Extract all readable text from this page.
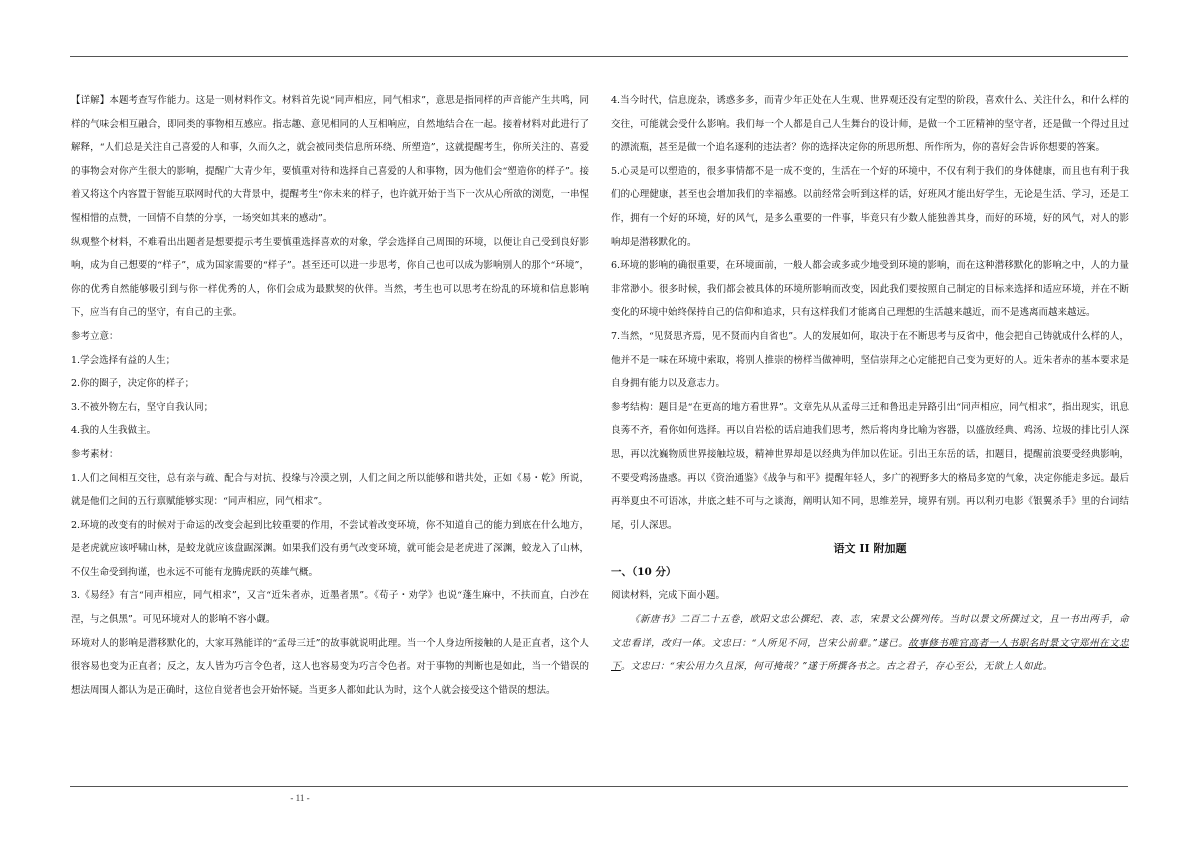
【详解】本题考查写作能力。这是一则材料作文。材料首先说“同声相应，同气相求”，意思是指同样的声音能产生共鸣，同样的气味会相互融合，即同类的事物相互感应。指志趣、意见相同的人互相响应，自然地结合在一起。接着材料对此进行了解释，“人们总是关注自己喜爱的人和事，久而久之，就会被同类信息所环绕、所塑造”，这就提醒考生，你所关注的、喜爱的事物会对你产生很大的影响，提醒广大青少年，要慎重对待和选择自己喜爱的人和事物，因为他们会“塑造你的样子”。接着又将这个内容置于智能互联网时代的大背景中，提醒考生“你未来的样子，也许就开始于当下一次从心所欲的浏览，一串惺惺相惜的点赞，一回情不自禁的分享，一场突如其来的感动”。

纵观整个材料，不难看出出题者是想要提示考生要慎重选择喜欢的对象，学会选择自己周围的环境，以便让自己受到良好影响，成为自己想要的“样子”，成为国家需要的“样子”。甚至还可以进一步思考，你自己也可以成为影响别人的那个“环境”，你的优秀自然能够吸引到与你一样优秀的人，你们会成为最默契的伙伴。当然，考生也可以思考在纷乱的环境和信息影响下，应当有自己的坚守，有自己的主张。

参考立意：

1.学会选择有益的人生；

2.你的圈子，决定你的样子；

3.不被外物左右，坚守自我认同；

4.我的人生我做主。

参考素材：

1.人们之间相互交往，总有亲与疏、配合与对抗、投缘与冷漠之别，人们之间之所以能够和谐共处，正如《易・乾》所说，就是他们之间的五行禀赋能够实现：“同声相应，同气相求”。

2.环境的改变有的时候对于命运的改变会起到比较重要的作用，不尝试着改变环境，你不知道自己的能力到底在什么地方，是老虎就应该呼啸山林，是蛟龙就应该盘踞深渊。如果我们没有勇气改变环境，就可能会是老虎进了深渊，蛟龙入了山林，不仅生命受到拘谨，也永远不可能有龙腾虎跃的英雄气概。

3.《易经》有言“同声相应，同气相求”，又言“近朱者赤，近墨者黑”。《荀子・劝学》也说“蓬生麻中，不扶而直，白沙在涅，与之俱黑”。可见环境对人的影响不容小觑。

环境对人的影响是潜移默化的，大家耳熟能详的“孟母三迁”的故事就说明此理。当一个人身边所接触的人是正直者，这个人很容易也变为正直者；反之，友人皆为巧言令色者，这人也容易变为巧言令色者。对于事物的判断也是如此，当一个错误的想法周围人都认为是正确时，这位自觉者也会开始怀疑。当更多人都如此认为时，这个人就会接受这个错误的想法。

4.当今时代，信息庞杂，诱惑多多，而青少年正处在人生观、世界观还没有定型的阶段，喜欢什么、关注什么，和什么样的交往，可能就会受什么影响。我们每一个人都是自己人生舞台的设计师，是做一个工匠精神的坚守者，还是做一个得过且过的漂流瓶，甚至是做一个追名逐利的违法者？你的选择决定你的所思所想、所作所为，你的喜好会告诉你想要的答案。

5.心灵是可以塑造的，很多事情都不是一成不变的，生活在一个好的环境中，不仅有利于我们的身体健康，而且也有利于我们的心理健康，甚至也会增加我们的幸福感。以前经常会听到这样的话，好班风才能出好学生，无论是生活、学习，还是工作，拥有一个好的环境，好的风气，是多么重要的一件事，毕竟只有少数人能独善其身，而好的环境，好的风气，对人的影响却是潜移默化的。

6.环境的影响的确很重要，在环境面前，一般人都会或多或少地受到环境的影响，而在这种潜移默化的影响之中，人的力量非常渺小。很多时候，我们都会被具体的环境所影响而改变，因此我们要按照自己制定的目标来选择和适应环境，并在不断变化的环境中始终保持自己的信仰和追求，只有这样我们才能离自己理想的生活越来越近，而不是逃离而越来越远。

7.当然，“见贤思齐焉，见不贤而内自省也”。人的发展如何，取决于在不断思考与反省中，他会把自己铸就成什么样的人，他并不是一味在环境中索取，将别人推崇的榜样当做神明，坚信崇拜之心定能把自己变为更好的人。近朱者赤的基本要求是自身拥有能力以及意志力。

参考结构：题目是“在更高的地方看世界”。文章先从从孟母三迁和鲁迅走异路引出“同声相应，同气相求”，指出现实，讯息良莠不齐，看你如何选择。再以自岩松的话启迪我们思考，然后将肉身比喻为容器，以盛放经典、鸡汤、垃圾的排比引人深思，再以沈巍物质世界接触垃圾，精神世界却是以经典为伴加以佐证。引出王东岳的话，扣题目，提醒前浪要受经典影响，不要受鸡汤蛊惑。再以《资治通鉴》《战争与和平》提醒年轻人，多广的视野多大的格局多宽的气象，决定你能走多远。最后再举夏虫不可语冰，井底之蛙不可与之谈海，阐明认知不同，思维差异，境界有别。再以利刃电影《银翼杀手》里的台词结尾，引人深思。

语文 II 附加题

一、（10 分）

阅读材料，完成下面小题。

《新唐书》二百二十五卷，欧阳文忠公撰纪、表、志，宋景文公撰列传。当时以景文所撰过文，且一书出两手，命文忠看详，改归一体。文忠曰：“人所见不同，岂宋公前辈。”遂已。故事修书唯官高者一人书职名时景文守郑州在文忠下。文忠曰：“宋公用力久且深，何可掩哉？”遂于所撰各书之。古之君子，存心至公，无欲上人如此。

- 11 -
